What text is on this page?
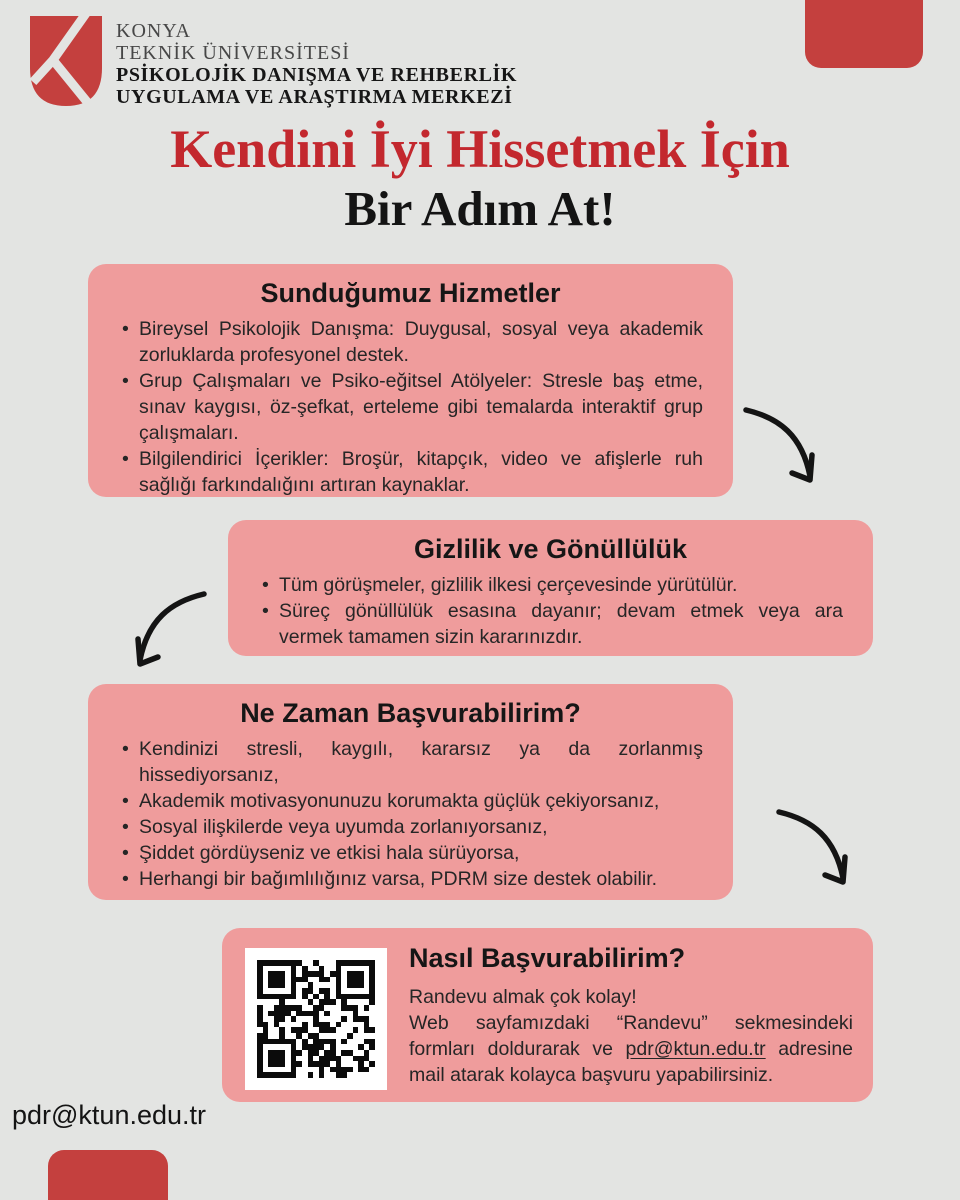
KONYA
TEKNİK ÜNİVERSİTESİ
PSİKOLOJİK DANIŞMA VE REHBERLİK
UYGULAMA VE ARAŞTIRMA MERKEZİ
Kendini İyi Hissetmek İçin
Bir Adım At!
Sunduğumuz Hizmetler
• Bireysel Psikolojik Danışma: Duygusal, sosyal veya akademik zorluklarda profesyonel destek.
• Grup Çalışmaları ve Psiko-eğitsel Atölyeler: Stresle baş etme, sınav kaygısı, öz-şefkat, erteleme gibi temalarda interaktif grup çalışmaları.
• Bilgilendirici İçerikler: Broşür, kitapçık, video ve afişlerle ruh sağlığı farkındalığını artıran kaynaklar.
Gizlilik ve Gönüllülük
• Tüm görüşmeler, gizlilik ilkesi çerçevesinde yürütülür.
• Süreç gönüllülük esasına dayanır; devam etmek veya ara vermek tamamen sizin kararınızdır.
Ne Zaman Başvurabilirim?
• Kendinizi stresli, kaygılı, kararsız ya da zorlanmış hissediyorsanız,
• Akademik motivasyonunuzu korumakta güçlük çekiyorsanız,
• Sosyal ilişkilerde veya uyumda zorlanıyorsanız,
• Şiddet gördüyseniz ve etkisi hala sürüyorsa,
• Herhangi bir bağımlılığınız varsa, PDRM size destek olabilir.
Nasıl Başvurabilirim?

Randevu almak çok kolay!

Web sayfamızdaki “Randevu” sekmesindeki formları doldurarak ve pdr@ktun.edu.tr adresine mail atarak kolayca başvuru yapabilirsiniz.

pdr@ktun.edu.tr
